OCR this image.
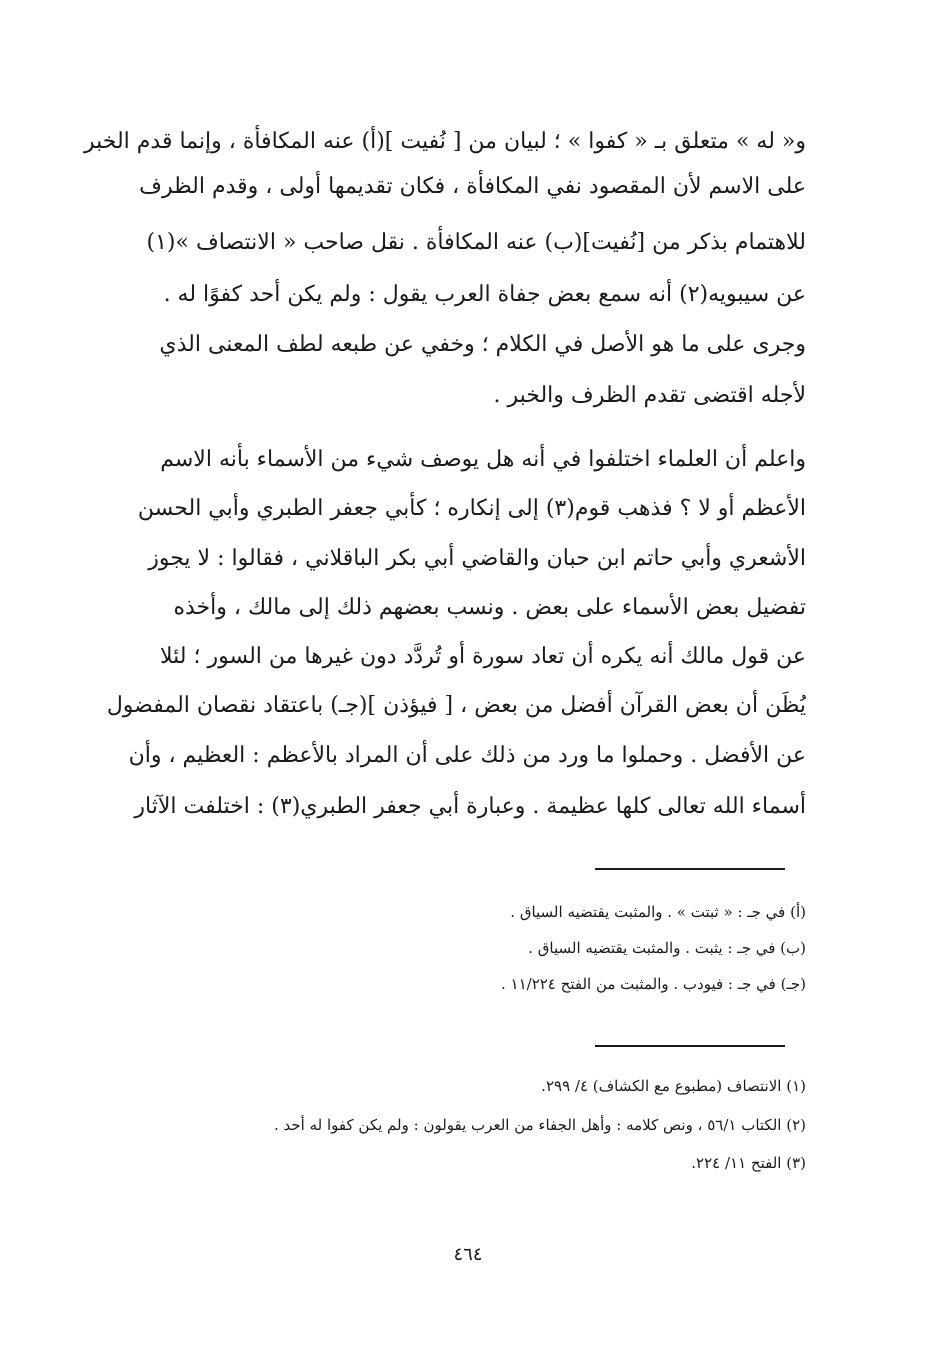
و« له » متعلق بـ « كفوا » ؛ لبيان من [ نُفيت ](أ) عنه المكافأة ، وإنما قدم الخبر
على الاسم لأن المقصود نفي المكافأة ، فكان تقديمها أولى ، وقدم الظرف
للاهتمام بذكر من [نُفيت](ب) عنه المكافأة . نقل صاحب « الانتصاف »(١)
عن سيبويه(٢) أنه سمع بعض جفاة العرب يقول : ولم يكن أحد كفوًا له .
وجرى على ما هو الأصل في الكلام ؛ وخفي عن طبعه لطف المعنى الذي
لأجله اقتضى تقدم الظرف والخبر .
واعلم أن العلماء اختلفوا في أنه هل يوصف شيء من الأسماء بأنه الاسم
الأعظم أو لا ؟ فذهب قوم(٣) إلى إنكاره ؛ كأبي جعفر الطبري وأبي الحسن
الأشعري وأبي حاتم ابن حبان والقاضي أبي بكر الباقلاني ، فقالوا : لا يجوز
تفضيل بعض الأسماء على بعض . ونسب بعضهم ذلك إلى مالك ، وأخذه
عن قول مالك أنه يكره أن تعاد سورة أو تُردَّد دون غيرها من السور ؛ لئلا
يُظَن أن بعض القرآن أفضل من بعض ، [ فيؤذن ](جـ) باعتقاد نقصان المفضول
عن الأفضل . وحملوا ما ورد من ذلك على أن المراد بالأعظم : العظيم ، وأن
أسماء الله تعالى كلها عظيمة . وعبارة أبي جعفر الطبري(٣) : اختلفت الآثار
(أ) في جـ : « ثبتت » . والمثبت يقتضيه السياق .
(ب) في جـ : يثبت . والمثبت يقتضيه السياق .
(جـ) في جـ : فيودب . والمثبت من الفتح ١١/٢٢٤ .
(١) الانتصاف (مطبوع مع الكشاف) ٤/ ٢٩٩.
(٢) الكتاب ٥٦/١ ، ونص كلامه : وأهل الجفاء من العرب يقولون : ولم يكن كفوا له أحد .
(٣) الفتح ١١/ ٢٢٤.
٤٦٤
